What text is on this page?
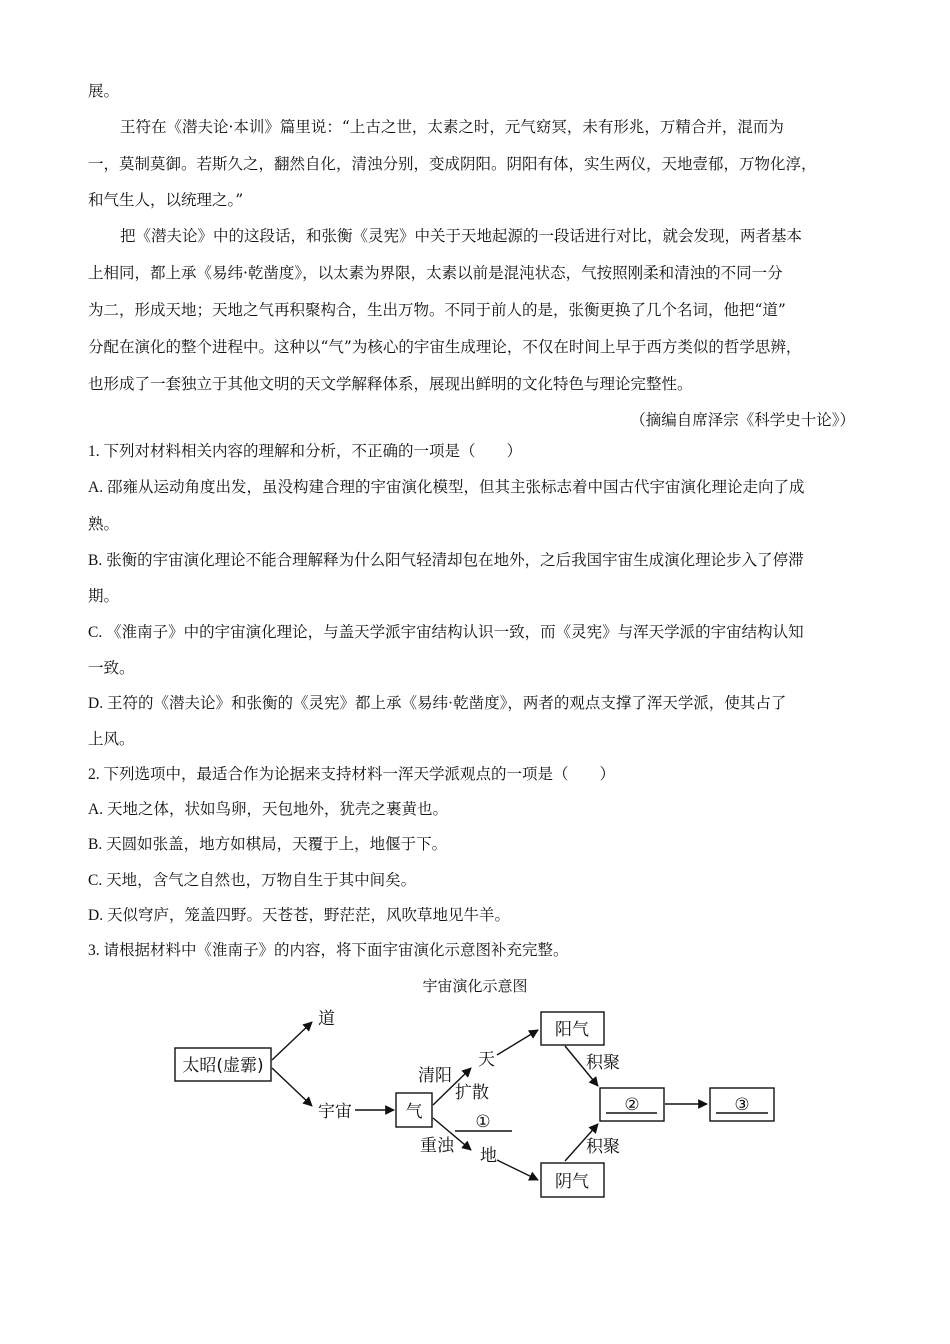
展。
王符在《潜夫论·本训》篇里说：“上古之世，太素之时，元气窈冥，未有形兆，万精合并，混而为
一，莫制莫御。若斯久之，翻然自化，清浊分别，变成阴阳。阴阳有体，实生两仪，天地壹郁，万物化淳，
和气生人，以统理之。”
把《潜夫论》中的这段话，和张衡《灵宪》中关于天地起源的一段话进行对比，就会发现，两者基本
上相同，都上承《易纬·乾凿度》，以太素为界限，太素以前是混沌状态，气按照刚柔和清浊的不同一分
为二，形成天地；天地之气再积聚构合，生出万物。不同于前人的是，张衡更换了几个名词，他把“道”
分配在演化的整个进程中。这种以“气”为核心的宇宙生成理论，不仅在时间上早于西方类似的哲学思辨，
也形成了一套独立于其他文明的天文学解释体系，展现出鲜明的文化特色与理论完整性。
（摘编自席泽宗《科学史十论》）
1. 下列对材料相关内容的理解和分析，不正确的一项是（　　）
A. 邵雍从运动角度出发，虽没构建合理的宇宙演化模型，但其主张标志着中国古代宇宙演化理论走向了成
熟。
B. 张衡的宇宙演化理论不能合理解释为什么阳气轻清却包在地外，之后我国宇宙生成演化理论步入了停滞
期。
C. 《淮南子》中的宇宙演化理论，与盖天学派宇宙结构认识一致，而《灵宪》与浑天学派的宇宙结构认知
一致。
D. 王符的《潜夫论》和张衡的《灵宪》都上承《易纬·乾凿度》，两者的观点支撑了浑天学派，使其占了
上风。
2. 下列选项中，最适合作为论据来支持材料一浑天学派观点的一项是（　　）
A. 天地之体，状如鸟卵，天包地外，犹壳之裹黄也。
B. 天圆如张盖，地方如棋局，天覆于上，地偃于下。
C. 天地，含气之自然也，万物自生于其中间矣。
D. 天似穹庐，笼盖四野。天苍苍，野茫茫，风吹草地见牛羊。
3. 请根据材料中《淮南子》的内容，将下面宇宙演化示意图补充完整。
宇宙演化示意图
太昭(虚霩)
道
宇宙	气
清阳
扩散
①
重浊
天
地
阳气
阴气
积聚
积聚
②	③
